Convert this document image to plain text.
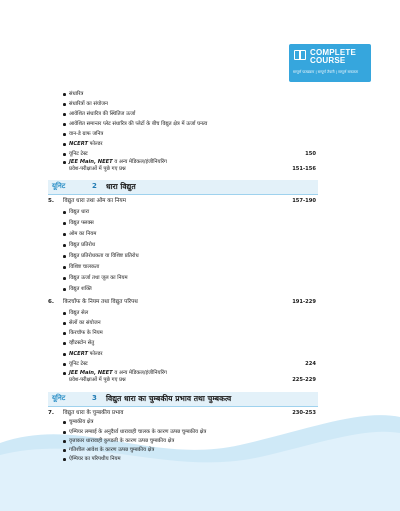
COMPLETE
COURSE
सम्पूर्ण पाठ्यक्रम | सम्पूर्ण तैयारी | सम्पूर्ण सफलता
संधारित्र
संधारित्रों का संयोजन
आवेशित संधारित्र की स्थितिज ऊर्जा
आवेशित समान्तर प्लेट संधारित्र की प्लेटों के बीच विद्युत क्षेत्र में ऊर्जा घनत्व
वान-डे ग्राफ जनित्र
NCERT फोल्डर
यूनिट टेस्ट	150
JEE Main, NEET व अन्य मेडिकल/इंजीनियरिंग
प्रवेश-परीक्षाओं में पूछे गए प्रश्न	151-156
यूनिट	2 धारा विद्युत
5. विद्युत धारा तथा ओम का नियम	157-190
विद्युत धारा
विद्युत फ्लक्स
ओम का नियम
विद्युत प्रतिरोध
विद्युत प्रतिरोधकता या विशिष्ट प्रतिरोध
विशिष्ट चालकता
विद्युत ऊर्जा तथा जूल का नियम
विद्युत शक्ति
6. किरचॉफ के नियम तथा विद्युत परिपथ	191-229
विद्युत सेल
सेलों का संयोजन
किरचॉफ के नियम
व्हीटस्टोन सेतु
NCERT फोल्डर
यूनिट टेस्ट	224
JEE Main, NEET व अन्य मेडिकल/इंजीनियरिंग
प्रवेश-परीक्षाओं में पूछे गए प्रश्न	225-229
यूनिट	3 विद्युत धारा का चुम्बकीय प्रभाव तथा चुम्बकत्व
7. विद्युत धारा के चुम्बकीय प्रभाव	230-253
चुम्बकीय क्षेत्र
एम्पियर लम्बाई के अनुदैर्घ्य धारावाही चालक के कारण उत्पन्न चुम्बकीय क्षेत्र
वृत्ताकार धारावाही कुण्डली के कारण उत्पन्न चुम्बकीय क्षेत्र
गतिशील आवेश के कारण उत्पन्न चुम्बकीय क्षेत्र
ऐम्पियर का परिपथीय नियम
